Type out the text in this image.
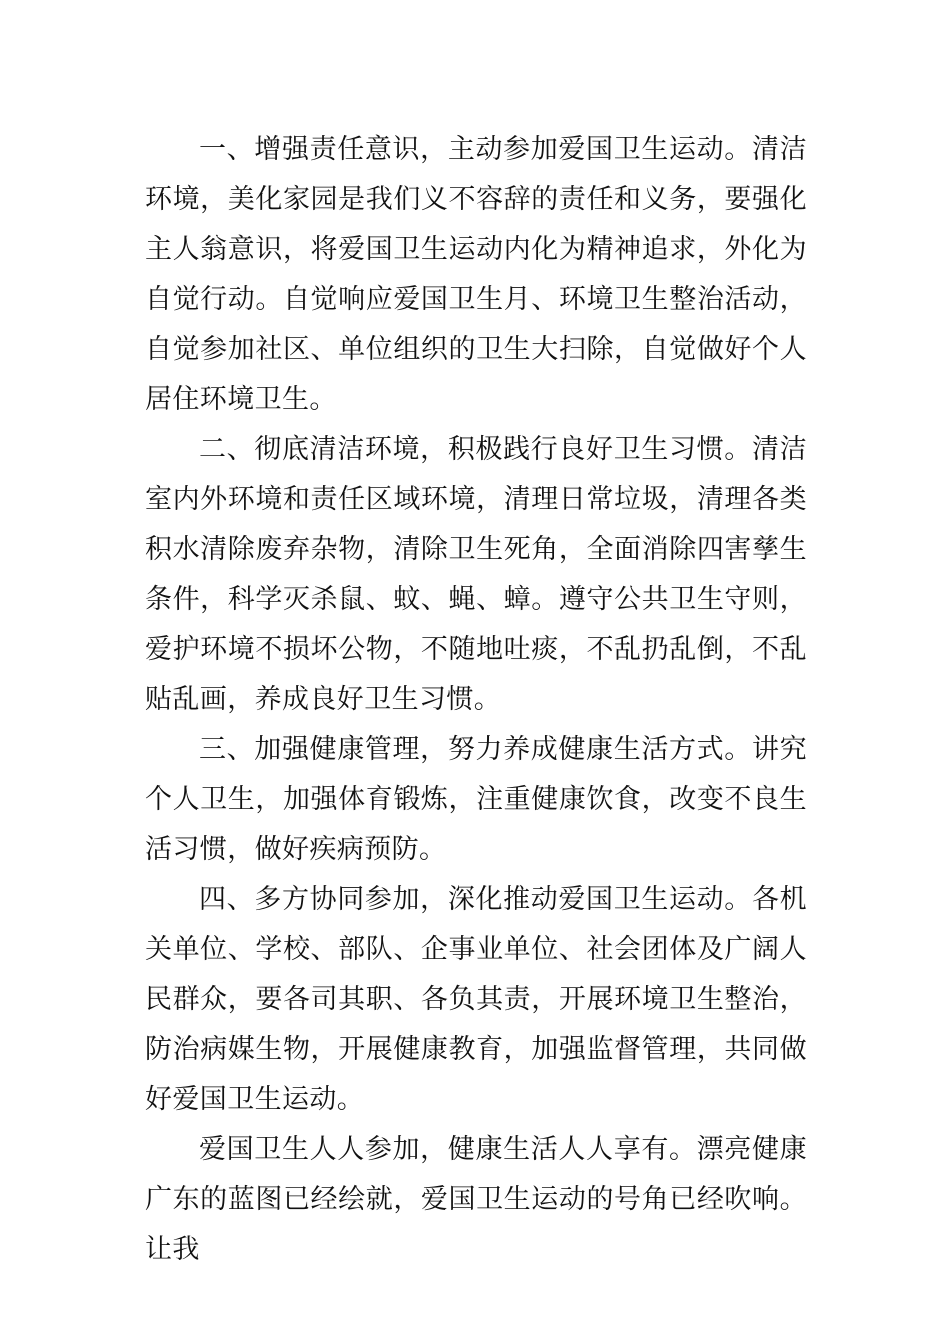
一、增强责任意识，主动参加爱国卫生运动。清洁环境，美化家园是我们义不容辞的责任和义务，要强化主人翁意识，将爱国卫生运动内化为精神追求，外化为自觉行动。自觉响应爱国卫生月、环境卫生整治活动，自觉参加社区、单位组织的卫生大扫除，自觉做好个人居住环境卫生。

二、彻底清洁环境，积极践行良好卫生习惯。清洁室内外环境和责任区域环境，清理日常垃圾，清理各类积水清除废弃杂物，清除卫生死角，全面消除四害孳生条件，科学灭杀鼠、蚊、蝇、蟑。遵守公共卫生守则，爱护环境不损坏公物，不随地吐痰，不乱扔乱倒，不乱贴乱画，养成良好卫生习惯。

三、加强健康管理，努力养成健康生活方式。讲究个人卫生，加强体育锻炼，注重健康饮食，改变不良生活习惯，做好疾病预防。

四、多方协同参加，深化推动爱国卫生运动。各机关单位、学校、部队、企事业单位、社会团体及广阔人民群众，要各司其职、各负其责，开展环境卫生整治，防治病媒生物，开展健康教育，加强监督管理，共同做好爱国卫生运动。

爱国卫生人人参加，健康生活人人享有。漂亮健康广东的蓝图已经绘就，爱国卫生运动的号角已经吹响。让我
